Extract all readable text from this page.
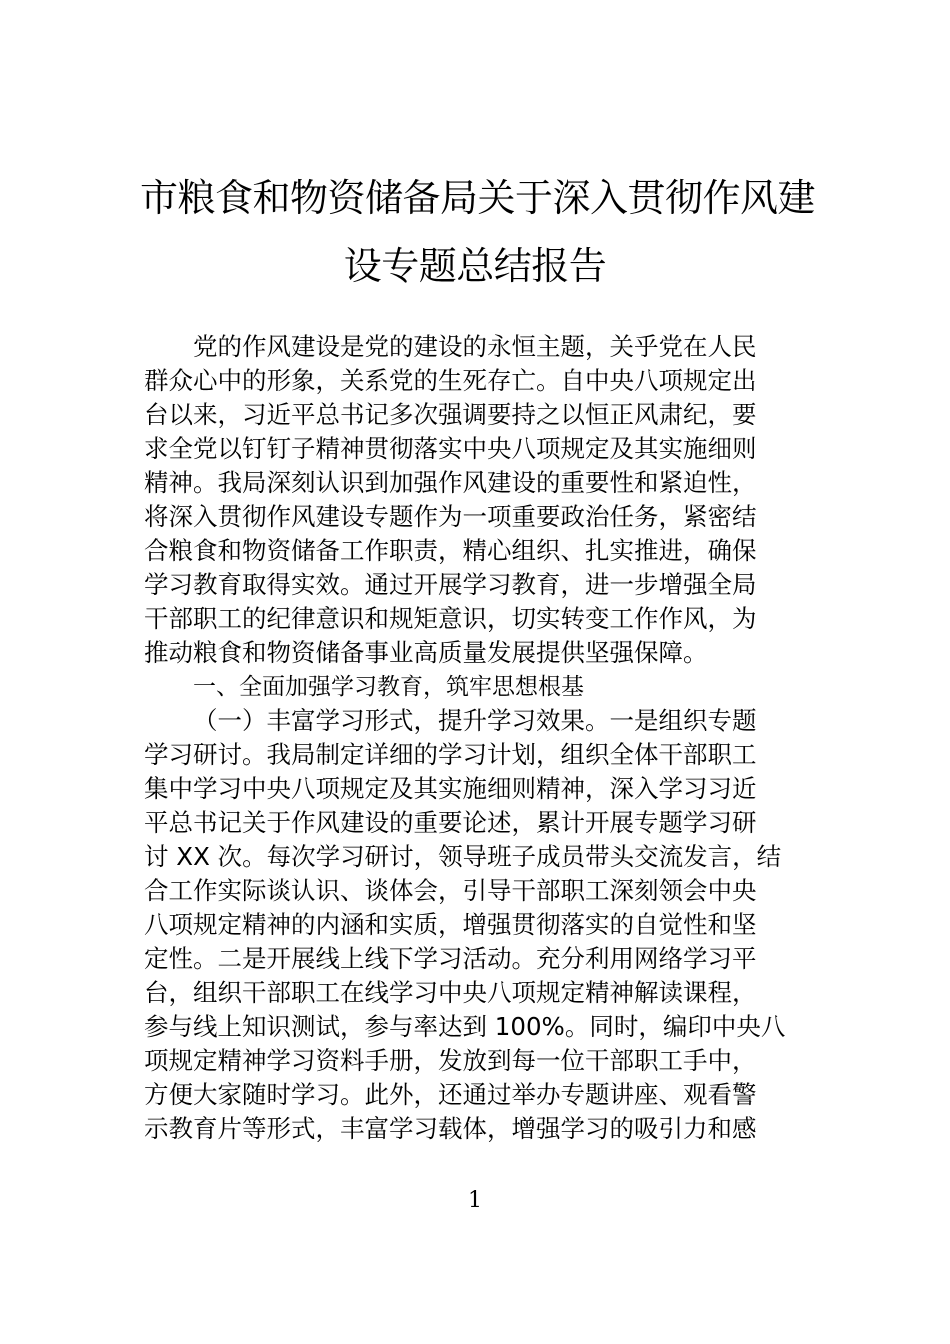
市粮食和物资储备局关于深入贯彻作风建
设专题总结报告
党的作风建设是党的建设的永恒主题，关乎党在人民
群众心中的形象，关系党的生死存亡。自中央八项规定出
台以来，习近平总书记多次强调要持之以恒正风肃纪，要
求全党以钉钉子精神贯彻落实中央八项规定及其实施细则
精神。我局深刻认识到加强作风建设的重要性和紧迫性，
将深入贯彻作风建设专题作为一项重要政治任务，紧密结
合粮食和物资储备工作职责，精心组织、扎实推进，确保
学习教育取得实效。通过开展学习教育，进一步增强全局
干部职工的纪律意识和规矩意识，切实转变工作作风，为
推动粮食和物资储备事业高质量发展提供坚强保障。
一、全面加强学习教育，筑牢思想根基
（一）丰富学习形式，提升学习效果。一是组织专题
学习研讨。我局制定详细的学习计划，组织全体干部职工
集中学习中央八项规定及其实施细则精神，深入学习习近
平总书记关于作风建设的重要论述，累计开展专题学习研
讨 XX 次。每次学习研讨，领导班子成员带头交流发言，结
合工作实际谈认识、谈体会，引导干部职工深刻领会中央
八项规定精神的内涵和实质，增强贯彻落实的自觉性和坚
定性。二是开展线上线下学习活动。充分利用网络学习平
台，组织干部职工在线学习中央八项规定精神解读课程，
参与线上知识测试，参与率达到 100%。同时，编印中央八
项规定精神学习资料手册，发放到每一位干部职工手中，
方便大家随时学习。此外，还通过举办专题讲座、观看警
示教育片等形式，丰富学习载体，增强学习的吸引力和感
1
